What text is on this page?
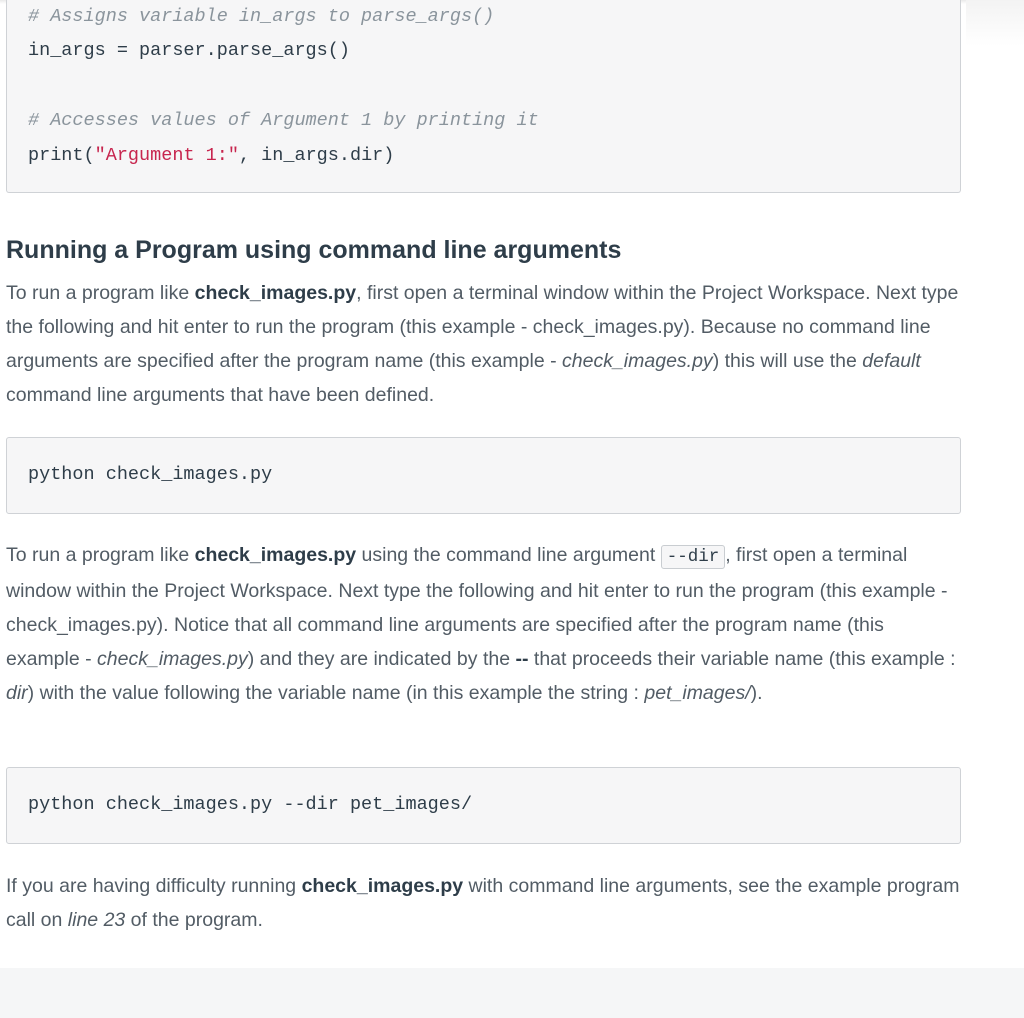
# Assigns variable in_args to parse_args()
in_args = parser.parse_args()
# Accesses values of Argument 1 by printing it
print("Argument 1:", in_args.dir)
Running a Program using command line arguments

To run a program like check_images.py, first open a terminal window within the Project Workspace. Next type the following and hit enter to run the program (this example - check_images.py). Because no command line arguments are specified after the program name (this example - check_images.py) this will use the default command line arguments that have been defined.

python check_images.py

To run a program like check_images.py using the command line argument --dir , first open a terminal window within the Project Workspace. Next type the following and hit enter to run the program (this example - check_images.py). Notice that all command line arguments are specified after the program name (this example - check_images.py) and they are indicated by the -- that proceeds their variable name (this example : dir) with the value following the variable name (in this example the string : pet_images/).

python check_images.py --dir pet_images/

If you are having difficulty running check_images.py with command line arguments, see the example program call on line 23 of the program.
